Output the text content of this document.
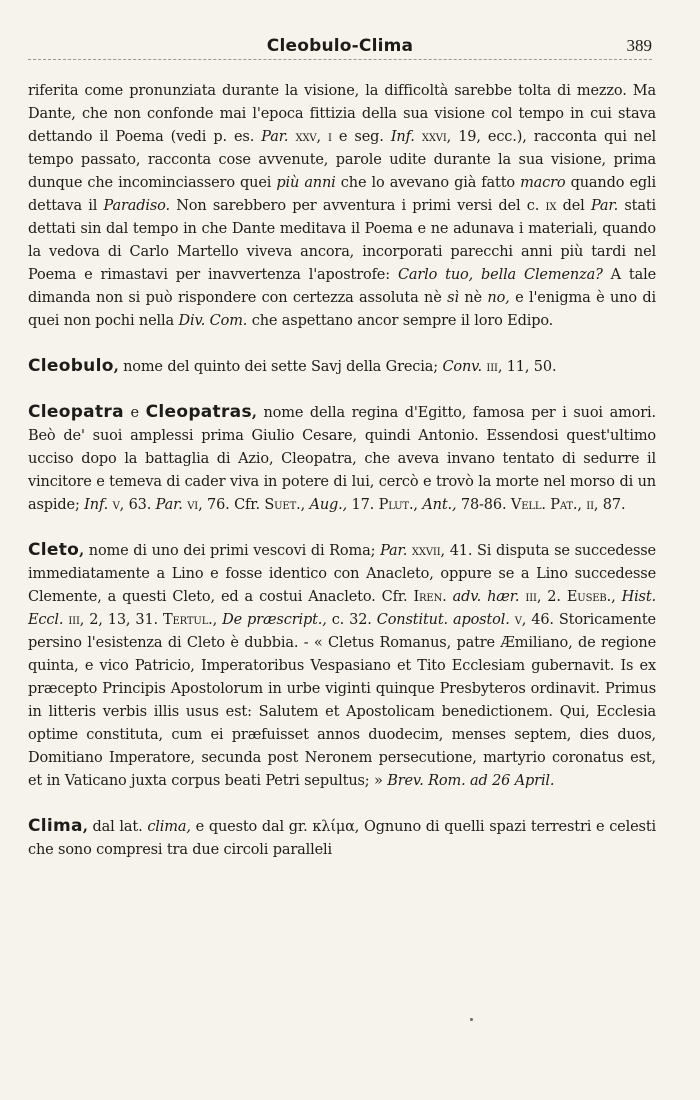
Cleobulo-Clima	389

riferita come pronunziata durante la visione, la difficoltà sarebbe tolta di mezzo. Ma Dante, che non confonde mai l'epoca fittizia della sua visione col tempo in cui stava dettando il Poema (vedi p. es. Par. xxv, i e seg. Inf. xxvi, 19, ecc.), racconta qui nel tempo passato, racconta cose avvenute, parole udite durante la sua visione, prima dunque che incominciassero quei più anni che lo avevano già fatto macro quando egli dettava il Paradiso. Non sarebbero per avventura i primi versi del c. ix del Par. stati dettati sin dal tempo in che Dante meditava il Poema e ne adunava i materiali, quando la vedova di Carlo Martello viveva ancora, incorporati parecchi anni più tardi nel Poema e rimastavi per inavvertenza l'apostrofe: Carlo tuo, bella Clemenza? A tale dimanda non si può rispondere con certezza assoluta nè sì nè no, e l'enigma è uno di quei non pochi nella Div. Com. che aspettano ancor sempre il loro Edipo.

Cleobulo, nome del quinto dei sette Savj della Grecia; Conv. iii, 11, 50.

Cleopatra e Cleopatras, nome della regina d'Egitto, famosa per i suoi amori. Beò de' suoi amplessi prima Giulio Cesare, quindi Antonio. Essendosi quest'ultimo ucciso dopo la battaglia di Azio, Cleopatra, che aveva invano tentato di sedurre il vincitore e temeva di cader viva in potere di lui, cercò e trovò la morte nel morso di un aspide; Inf. v, 63. Par. vi, 76. Cfr. Suet., Aug., 17. Plut., Ant., 78-86. Vell. Pat., ii, 87.

Cleto, nome di uno dei primi vescovi di Roma; Par. xxvii, 41. Si disputa se succedesse immediatamente a Lino e fosse identico con Anacleto, oppure se a Lino succedesse Clemente, a questi Cleto, ed a costui Anacleto. Cfr. Iren. adv. hær. iii, 2. Euseb., Hist. Eccl. iii, 2, 13, 31. Tertul., De præscript., c. 32. Constitut. apostol. v, 46. Storicamente persino l'esistenza di Cleto è dubbia. - « Cletus Romanus, patre Æmiliano, de regione quinta, e vico Patricio, Imperatoribus Vespasiano et Tito Ecclesiam gubernavit. Is ex præcepto Principis Apostolorum in urbe viginti quinque Presbyteros ordinavit. Primus in litteris verbis illis usus est: Salutem et Apostolicam benedictionem. Qui, Ecclesia optime constituta, cum ei præfuisset annos duodecim, menses septem, dies duos, Domitiano Imperatore, secunda post Neronem persecutione, martyrio coronatus est, et in Vaticano juxta corpus beati Petri sepultus; » Brev. Rom. ad 26 April.

Clima, dal lat. clima, e questo dal gr. κλίμα, Ognuno di quelli spazi terrestri e celesti che sono compresi tra due circoli paralleli
